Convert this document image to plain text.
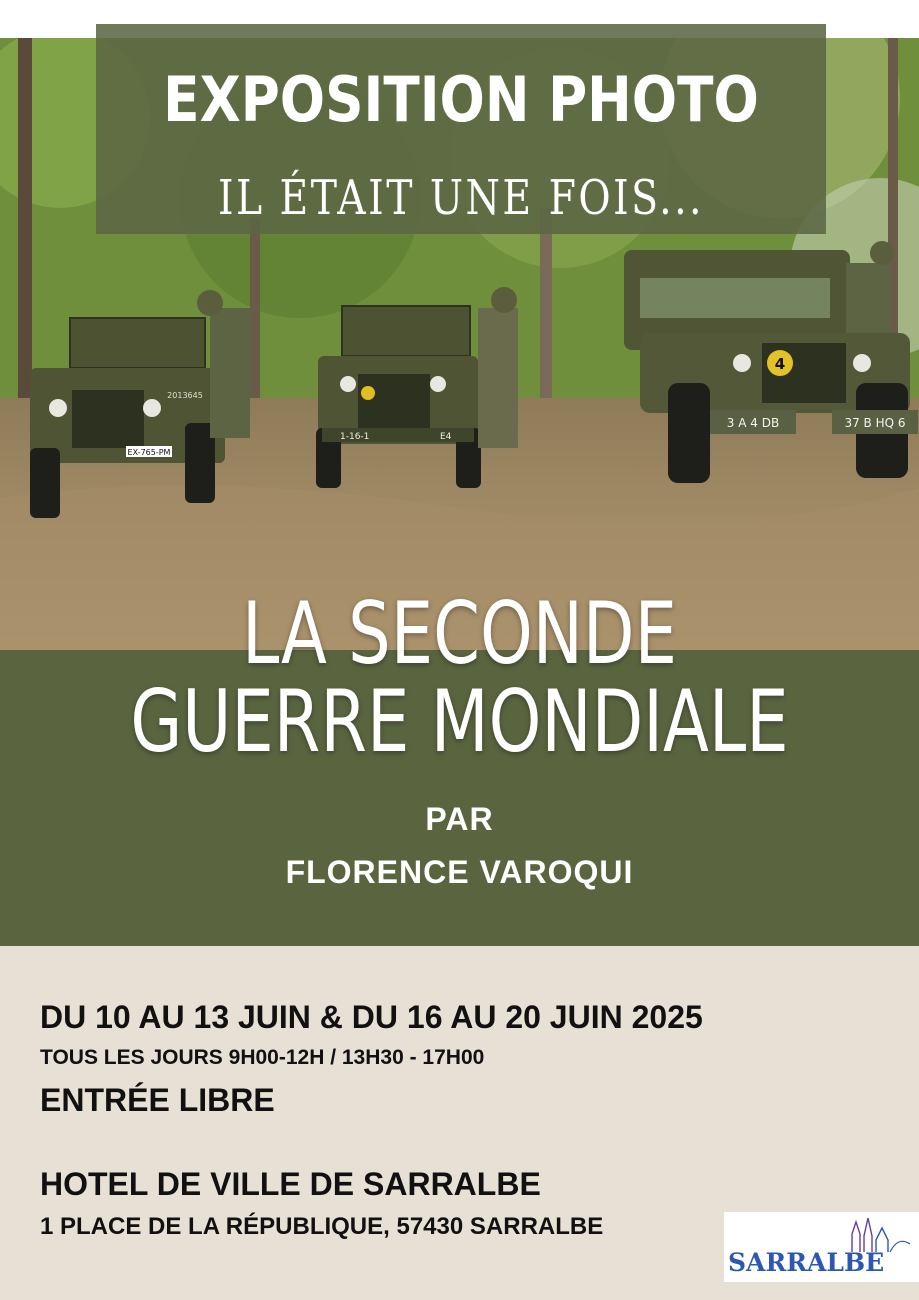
EX-765-PM
2013645
1-16-1	E4
4
3 A 4 DB	37 B HQ 6
EXPOSITION PHOTO
IL ÉTAIT UNE FOIS...
LA SECONDE
GUERRE MONDIALE
PAR
FLORENCE VAROQUI
DU 10 AU 13 JUIN & DU 16 AU 20 JUIN 2025
TOUS LES JOURS 9H00-12H / 13H30 - 17H00
ENTRÉE LIBRE
HOTEL DE VILLE DE SARRALBE
1 PLACE DE LA RÉPUBLIQUE, 57430 SARRALBE
SARRALBE
